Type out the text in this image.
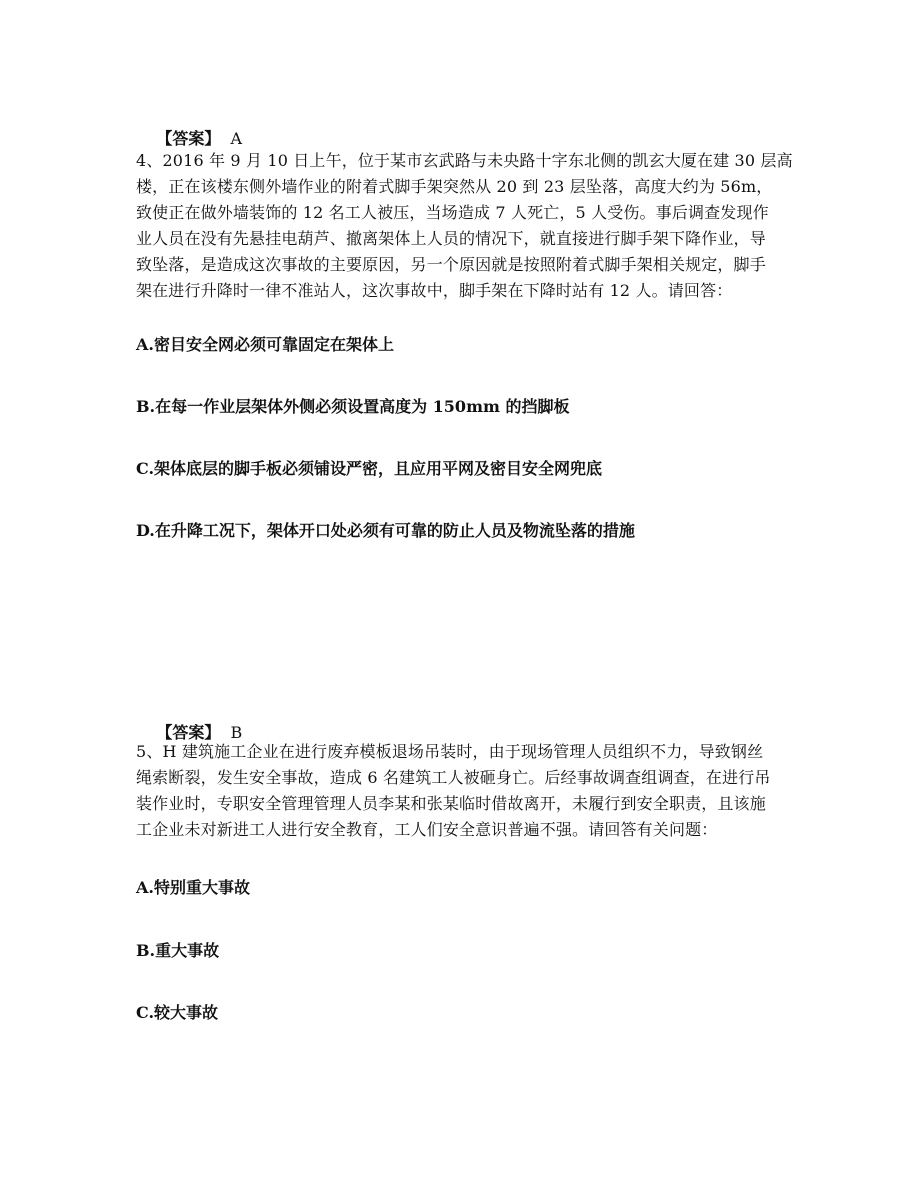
【答案】 A

4、2016 年 9 月 10 日上午，位于某市玄武路与未央路十字东北侧的凯玄大厦在建 30 层高
楼，正在该楼东侧外墙作业的附着式脚手架突然从 20 到 23 层坠落，高度大约为 56m，
致使正在做外墙装饰的 12 名工人被压，当场造成 7 人死亡，5 人受伤。事后调查发现作
业人员在没有先悬挂电葫芦、撤离架体上人员的情况下，就直接进行脚手架下降作业，导
致坠落，是造成这次事故的主要原因，另一个原因就是按照附着式脚手架相关规定，脚手
架在进行升降时一律不准站人，这次事故中，脚手架在下降时站有 12 人。请回答：
A.密目安全网必须可靠固定在架体上
B.在每一作业层架体外侧必须设置高度为 150mm 的挡脚板
C.架体底层的脚手板必须铺设严密，且应用平网及密目安全网兜底
D.在升降工况下，架体开口处必须有可靠的防止人员及物流坠落的措施

【答案】 B

5、H 建筑施工企业在进行废弃模板退场吊装时，由于现场管理人员组织不力，导致钢丝
绳索断裂，发生安全事故，造成 6 名建筑工人被砸身亡。后经事故调查组调查，在进行吊
装作业时，专职安全管理管理人员李某和张某临时借故离开，未履行到安全职责，且该施
工企业未对新进工人进行安全教育，工人们安全意识普遍不强。请回答有关问题：
A.特别重大事故
B.重大事故
C.较大事故
